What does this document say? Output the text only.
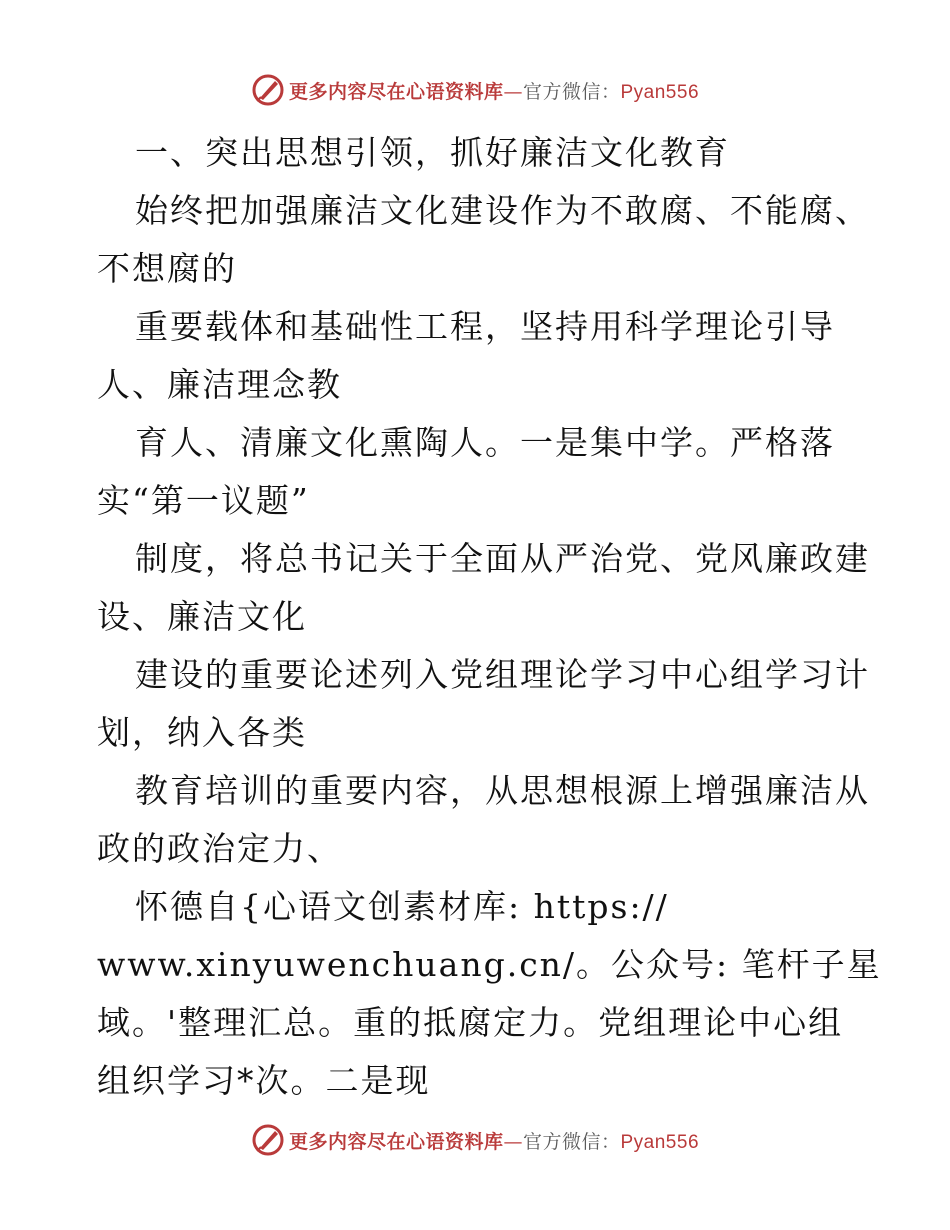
更多内容尽在心语资料库—官方微信：Pyan556
一、突出思想引领，抓好廉洁文化教育
始终把加强廉洁文化建设作为不敢腐、不能腐、
不想腐的
重要载体和基础性工程，坚持用科学理论引导
人、廉洁理念教
育人、清廉文化熏陶人。一是集中学。严格落
实“第一议题”
制度，将总书记关于全面从严治党、党风廉政建
设、廉洁文化
建设的重要论述列入党组理论学习中心组学习计
划，纳入各类
教育培训的重要内容，从思想根源上增强廉洁从
政的政治定力、
怀德自{心语文创素材库: https://
www.xinyuwenchuang.cn/。公众号: 笔杆子星
域。'整理汇总。重的抵腐定力。党组理论中心组
组织学习*次。二是现
更多内容尽在心语资料库—官方微信：Pyan556
